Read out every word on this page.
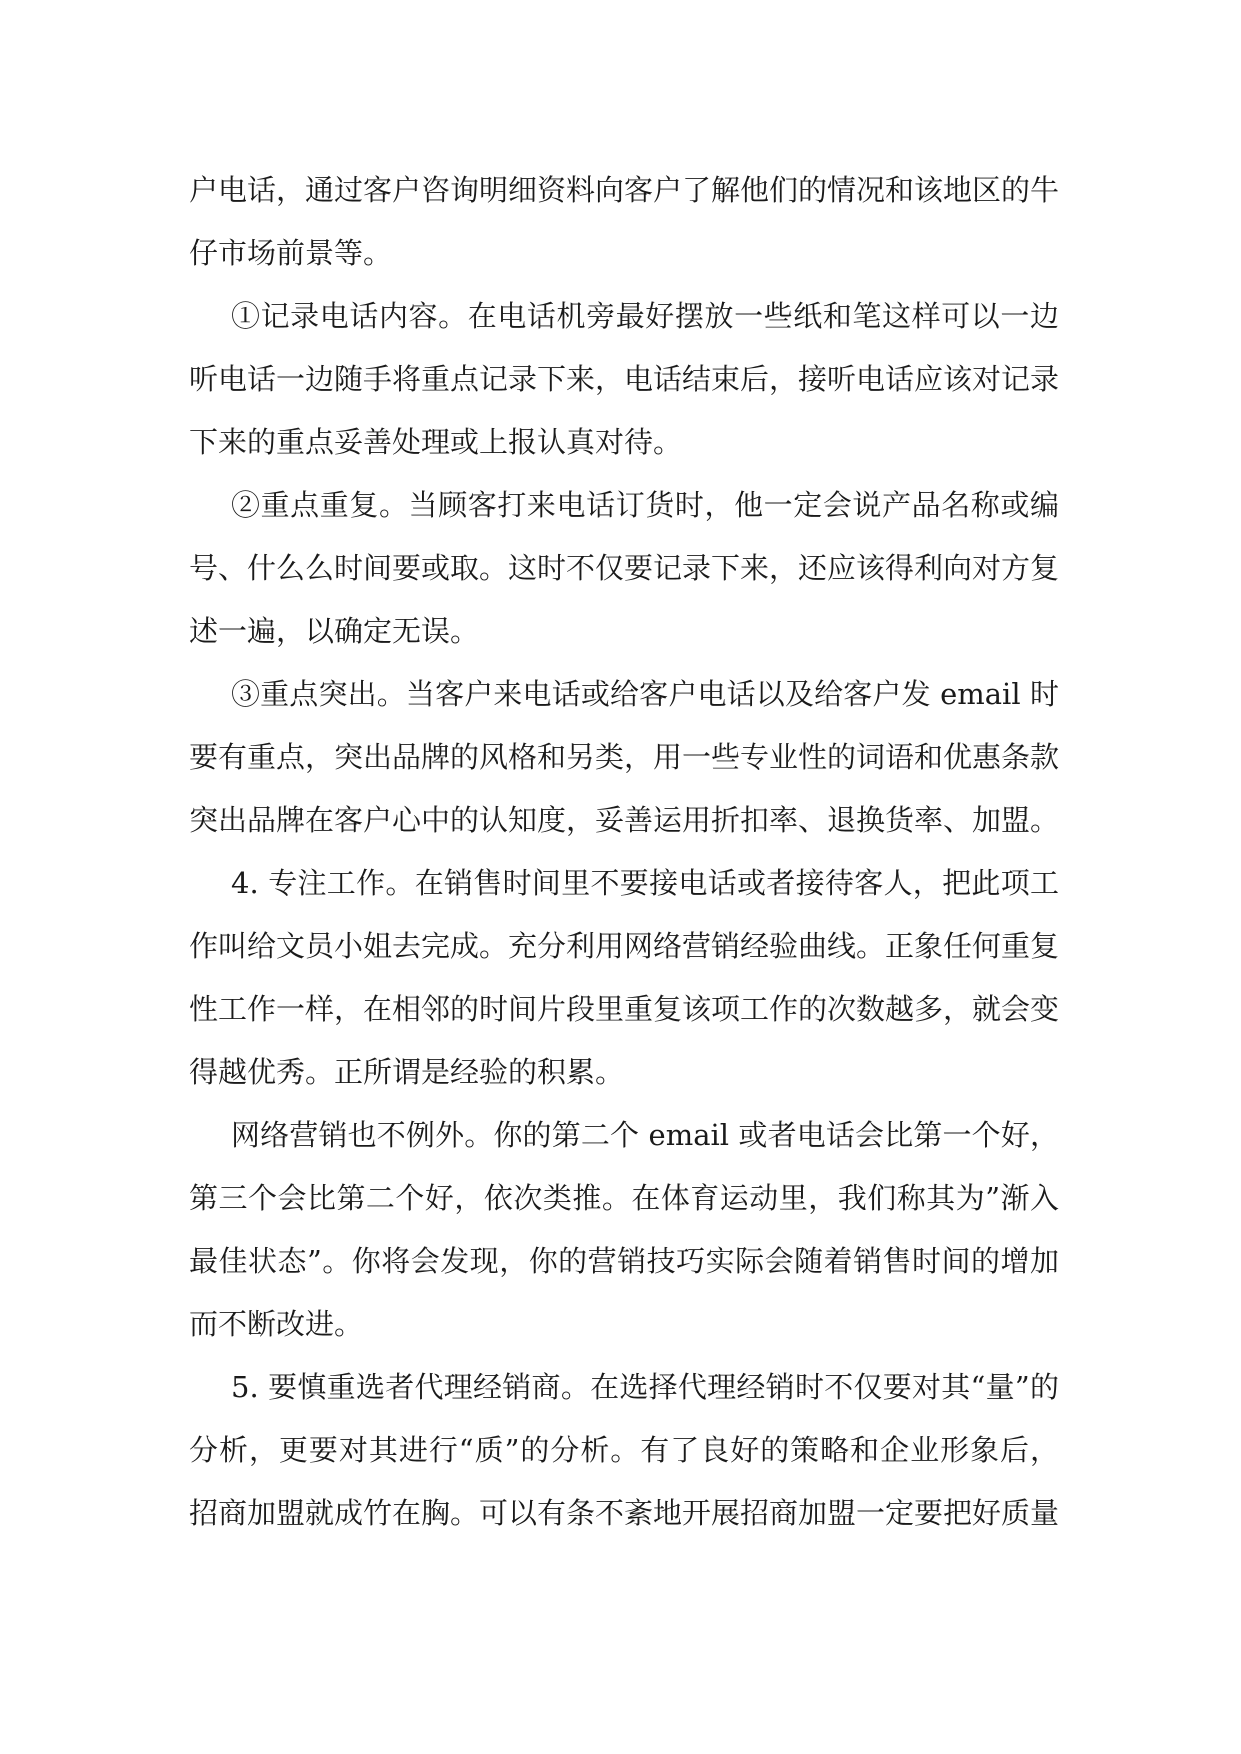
户电话，通过客户咨询明细资料向客户了解他们的情况和该地区的牛仔市场前景等。

①记录电话内容。在电话机旁最好摆放一些纸和笔这样可以一边听电话一边随手将重点记录下来，电话结束后，接听电话应该对记录下来的重点妥善处理或上报认真对待。

②重点重复。当顾客打来电话订货时，他一定会说产品名称或编号、什么么时间要或取。这时不仅要记录下来，还应该得利向对方复述一遍，以确定无误。

③重点突出。当客户来电话或给客户电话以及给客户发 email 时要有重点，突出品牌的风格和另类，用一些专业性的词语和优惠条款突出品牌在客户心中的认知度，妥善运用折扣率、退换货率、加盟。

4. 专注工作。在销售时间里不要接电话或者接待客人，把此项工作叫给文员小姐去完成。充分利用网络营销经验曲线。正象任何重复性工作一样，在相邻的时间片段里重复该项工作的次数越多，就会变得越优秀。正所谓是经验的积累。

网络营销也不例外。你的第二个 email 或者电话会比第一个好，第三个会比第二个好，依次类推。在体育运动里，我们称其为”渐入最佳状态”。你将会发现，你的营销技巧实际会随着销售时间的增加而不断改进。

5. 要慎重选者代理经销商。在选择代理经销时不仅要对其“量”的分析，更要对其进行“质”的分析。有了良好的策略和企业形象后，招商加盟就成竹在胸。可以有条不紊地开展招商加盟一定要把好质量
